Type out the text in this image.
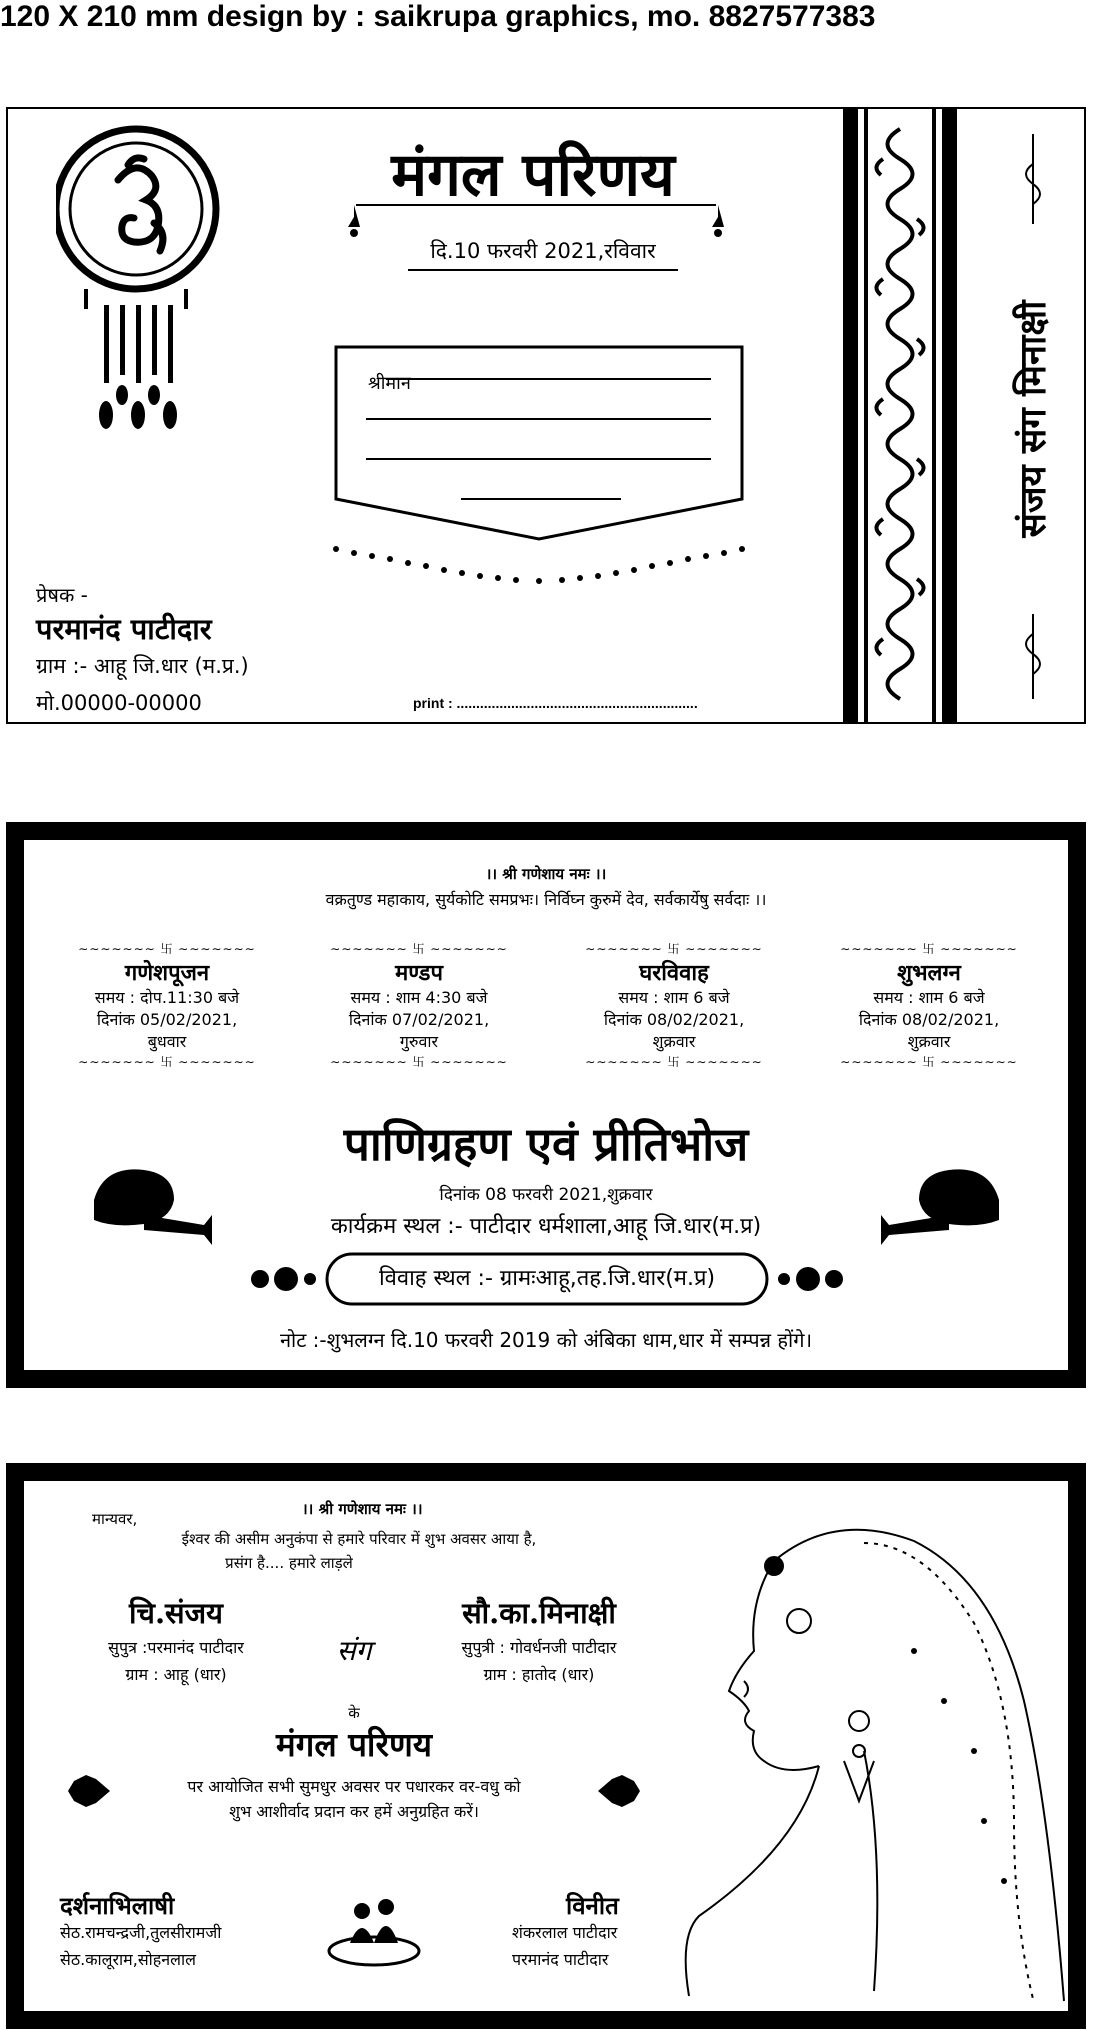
120 X 210 mm design by : saikrupa graphics, mo. 8827577383
मंगल परिणय
दि.10 फरवरी 2021,रविवार
श्रीमान
प्रेषक -
परमानंद पाटीदार
ग्राम :- आहू जि.धार (म.प्र.)
मो.00000-00000	print : ..............................................................
संजय संग मिनाक्षी
।। श्री गणेशाय नमः ।।
वक्रतुण्ड महाकाय, सुर्यकोटि समप्रभः। निर्विघ्न कुरुमें देव, सर्वकार्येषु सर्वदाः ।।
∼∼∼∼∼∼∼ 卐 ∼∼∼∼∼∼∼
गणेशपूजन
समय : दोप.11:30 बजे
दिनांक 05/02/2021,
बुधवार
∼∼∼∼∼∼∼ 卐 ∼∼∼∼∼∼∼
∼∼∼∼∼∼∼ 卐 ∼∼∼∼∼∼∼
मण्डप
समय : शाम 4:30 बजे
दिनांक 07/02/2021,
गुरुवार
∼∼∼∼∼∼∼ 卐 ∼∼∼∼∼∼∼
∼∼∼∼∼∼∼ 卐 ∼∼∼∼∼∼∼
घरविवाह
समय : शाम 6 बजे
दिनांक 08/02/2021,
शुक्रवार
∼∼∼∼∼∼∼ 卐 ∼∼∼∼∼∼∼
∼∼∼∼∼∼∼ 卐 ∼∼∼∼∼∼∼
शुभलग्न
समय : शाम 6 बजे
दिनांक 08/02/2021,
शुक्रवार
∼∼∼∼∼∼∼ 卐 ∼∼∼∼∼∼∼
पाणिग्रहण एवं प्रीतिभोज
दिनांक 08 फरवरी 2021,शुक्रवार
कार्यक्रम स्थल :- पाटीदार धर्मशाला,आहू जि.धार(म.प्र)
विवाह स्थल :- ग्रामःआहू,तह.जि.धार(म.प्र)
नोट :-शुभलग्न दि.10 फरवरी 2019 को अंबिका धाम,धार में सम्पन्न होंगे।
मान्यवर,
।। श्री गणेशाय नमः ।।
ईश्वर की असीम अनुकंपा से हमारे परिवार में शुभ अवसर आया है,
प्रसंग है.... हमारे लाड़ले
चि.संजय
सुपुत्र :परमानंद पाटीदार
ग्राम : आहू (धार)
संग
सौ.का.मिनाक्षी
सुपुत्री : गोवर्धनजी पाटीदार
ग्राम : हातोद (धार)
के
मंगल परिणय
पर आयोजित सभी सुमधुर अवसर पर पधारकर वर-वधु को
शुभ आशीर्वाद प्रदान कर हमें अनुग्रहित करें।
दर्शनाभिलाषी
सेठ.रामचन्द्रजी,तुलसीरामजी
सेठ.कालूराम,सोहनलाल
विनीत
शंकरलाल पाटीदार
परमानंद पाटीदार
